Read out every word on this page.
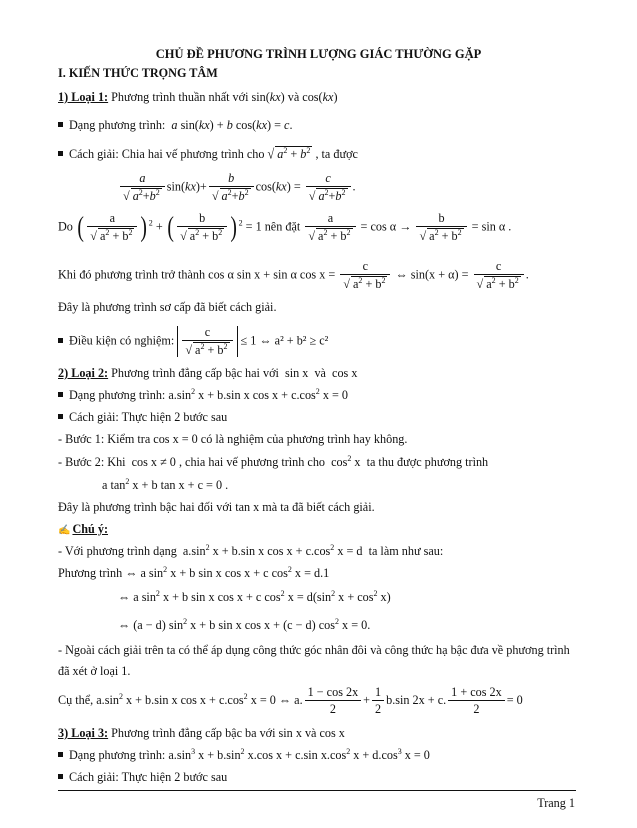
CHỦ ĐỀ PHƯƠNG TRÌNH LƯỢNG GIÁC THƯỜNG GẶP
I. KIẾN THỨC TRỌNG TÂM
1) Loại 1: Phương trình thuần nhất với sin(kx) và cos(kx)
Dạng phương trình: a sin(kx) + b cos(kx) = c.
Cách giải: Chia hai vế phương trình cho √ $a^2 + b^2$ , ta được
$\frac{a}{√ a^2+b^2} \sin(kx)+ \frac{b}{√ a^2+b^2} \cos(kx) = \frac{c}{√ a^2+b^2}$ .
Do ( $\frac{a}{√ a^2 + b^2} )^2$ + ( $\frac{b}{√ a^2 + b^2} )^2 = 1$ nên đặt $\frac{a}{√ a^2 + b^2} = \cos \alpha \to \frac{b}{√ a^2 + b^2} = \sin \alpha$ .
Khi đó phương trình trở thành cos α sin x + sin α $\cos x = \frac{c}{√ a^2 + b^2}$ ⇔ $\sin(x + \alpha) = \frac{c}{√ a^2 + b^2}$ .
Đây là phương trình sơ cấp đã biết cách giải.
Điều kiện có nghiệm: $\frac{c}{√ a^2 + b^2} \le 1$ ⇔ a² + b² ≥ c²
2) Loại 2: Phương trình đẳng cấp bậc hai với  sin x  và  cos x
Dạng phương trình: $a.\sin^2$ x + b.sin x $\cos x + c.\cos^2$ x = 0
Cách giải: Thực hiện 2 bước sau
- Bước 1: Kiểm tra cos x = 0 có là nghiệm của phương trình hay không.
- Bước 2: Khi  cos x ≠ 0 , chia hai vế phương trình cho  $\cos^2 x$  ta thu được phương trình
a $\tan^2 x + b$ tan x + c = 0 .
Đây là phương trình bậc hai đối với tan x mà ta đã biết cách giải.
✍ Chú ý:
- Với phương trình dạng  $a.\sin^2$ x + b.sin x $\cos x + c.\cos^2$ x = d  ta làm như sau:
Phương trình ⇔ a $\sin^2 x + b$ sin x cos x + c $\cos^2 x = d.1$
⇔ a $\sin^2 x + b$ sin x cos x + c $\cos^2 x = d(\sin^2$ $x + \cos^2 x$)
⇔ (a − d) $\sin^2 x + b$ sin x cos x + (c − d) $\cos^2 x = 0$.
- Ngoài cách giải trên ta có thể áp dụng công thức góc nhân đôi và công thức hạ bậc đưa về phương trình
đã xét ở loại 1.
Cụ thể, $a.\sin^2$ x + b.sin x $\cos x + c.\cos^2$ x = 0 ⇔ a. $\frac{1 - \cos 2x}{2} + \frac{1}{2} b.\sin$ 2x + c. $\frac{1 + \cos 2x}{2} = 0$
3) Loại 3: Phương trình đẳng cấp bậc ba với sin x và cos x
Dạng phương trình: $a.\sin^3$ $x + b.\sin^2$ x.cos x + c.sin $x.\cos^2$ $x + d.\cos^3$ x = 0
Cách giải: Thực hiện 2 bước sau
Trang 1
